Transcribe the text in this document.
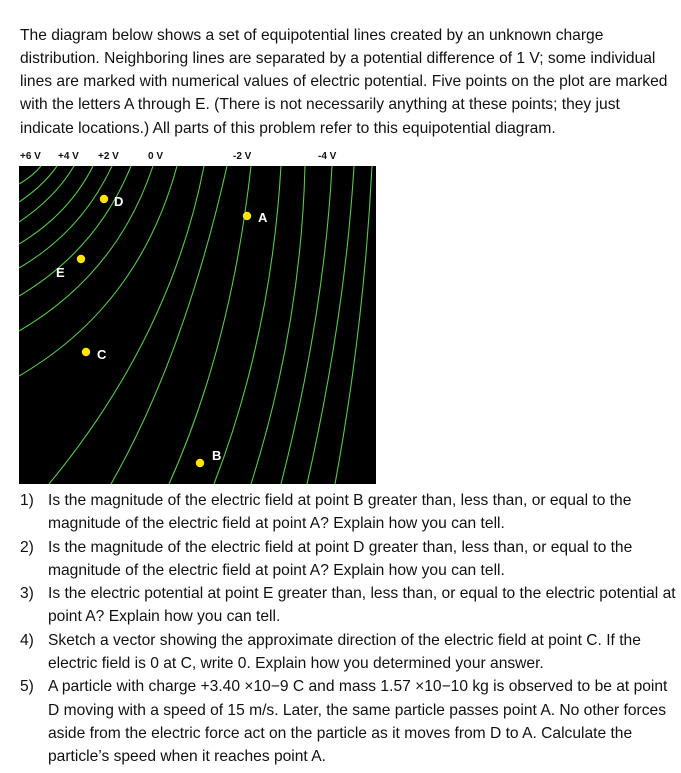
The diagram below shows a set of equipotential lines created by an unknown charge distribution. Neighboring lines are separated by a potential difference of 1 V; some individual lines are marked with numerical values of electric potential. Five points on the plot are marked with the letters A through E. (There is not necessarily anything at these points; they just indicate locations.) All parts of this problem refer to this equipotential diagram.

+6 V +4 V +2 V	0 V	-2 V	-4 V
A
B
C
D
E
1) Is the magnitude of the electric field at point B greater than, less than, or equal to the magnitude of the electric field at point A? Explain how you can tell.
2) Is the magnitude of the electric field at point D greater than, less than, or equal to the magnitude of the electric field at point A? Explain how you can tell.
3) Is the electric potential at point E greater than, less than, or equal to the electric potential at point A? Explain how you can tell.
4) Sketch a vector showing the approximate direction of the electric field at point C. If the electric field is 0 at C, write 0. Explain how you determined your answer.
5) A particle with charge +3.40 ×10−9 C and mass 1.57 ×10−10 kg is observed to be at point D moving with a speed of 15 m/s. Later, the same particle passes point A. No other forces aside from the electric force act on the particle as it moves from D to A. Calculate the particle’s speed when it reaches point A.
